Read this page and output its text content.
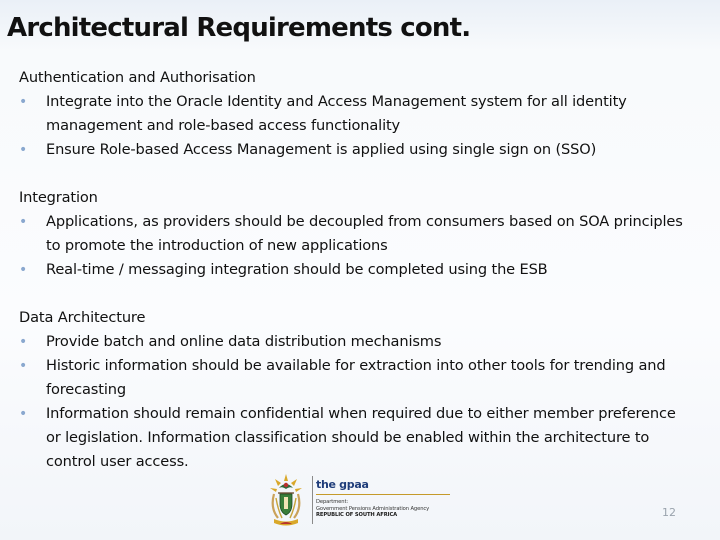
Architectural Requirements cont.

Authentication and Authorisation

• Integrate into the Oracle Identity and Access Management system for all identity management and role-based access functionality
• Ensure Role-based Access Management is applied using single sign on (SSO)

Integration

• Applications, as providers should be decoupled from consumers based on SOA principles to promote the introduction of new applications
• Real-time / messaging integration should be completed using the ESB

Data Architecture

• Provide batch and online data distribution mechanisms
• Historic information should be available for extraction into other tools for trending and forecasting
• Information should remain confidential when required due to either member preference or legislation. Information classification should be enabled within the architecture to control user access.
the gpaa
Department:
Government Pensions Administration Agency
REPUBLIC OF SOUTH AFRICA	12
